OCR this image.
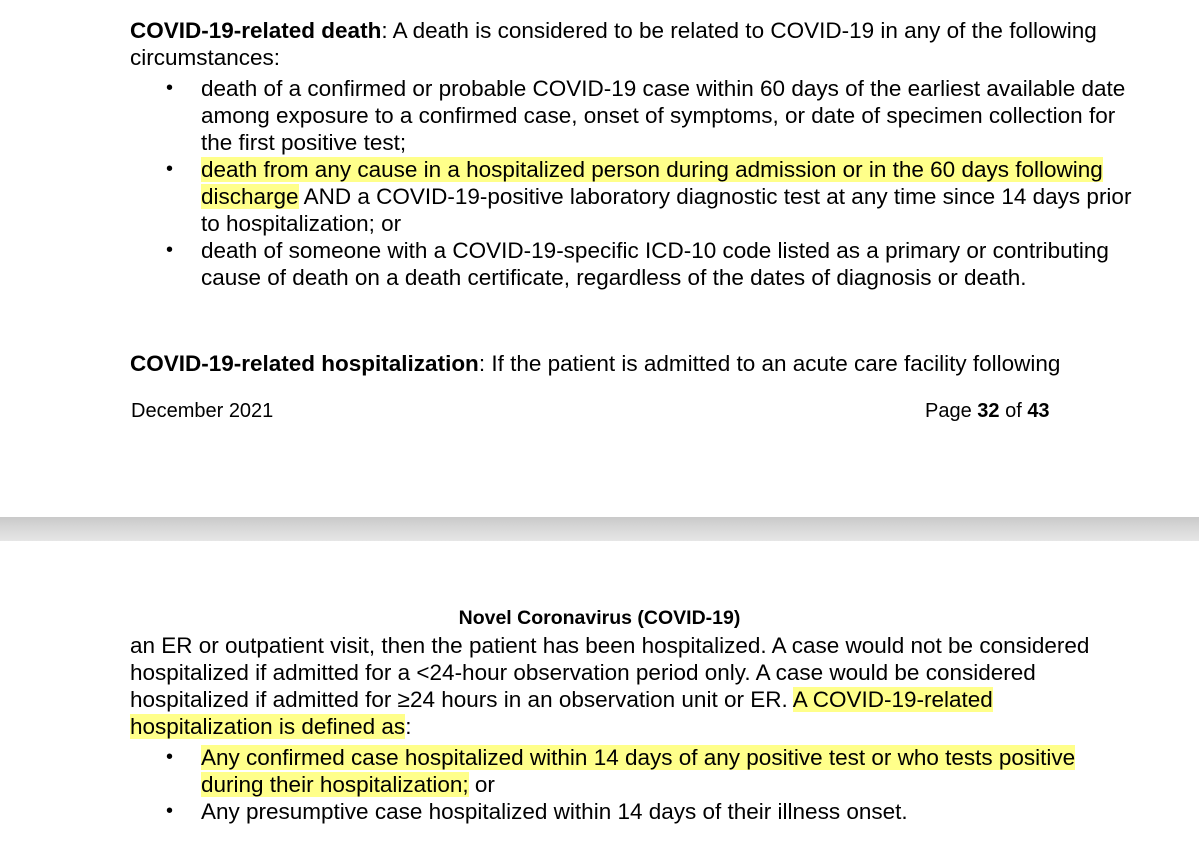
COVID-19-related death: A death is considered to be related to COVID-19 in any of the following circumstances:

• death of a confirmed or probable COVID-19 case within 60 days of the earliest available date among exposure to a confirmed case, onset of symptoms, or date of specimen collection for the first positive test;
• death from any cause in a hospitalized person during admission or in the 60 days following discharge AND a COVID-19-positive laboratory diagnostic test at any time since 14 days prior to hospitalization; or
• death of someone with a COVID-19-specific ICD-10 code listed as a primary or contributing cause of death on a death certificate, regardless of the dates of diagnosis or death.

COVID-19-related hospitalization: If the patient is admitted to an acute care facility following

December 2021	Page 32 of 43
Novel Coronavirus (COVID-19)

an ER or outpatient visit, then the patient has been hospitalized. A case would not be considered hospitalized if admitted for a <24-hour observation period only. A case would be considered hospitalized if admitted for ≥24 hours in an observation unit or ER. A COVID-19-related hospitalization is defined as:

• Any confirmed case hospitalized within 14 days of any positive test or who tests positive during their hospitalization; or
• Any presumptive case hospitalized within 14 days of their illness onset.
